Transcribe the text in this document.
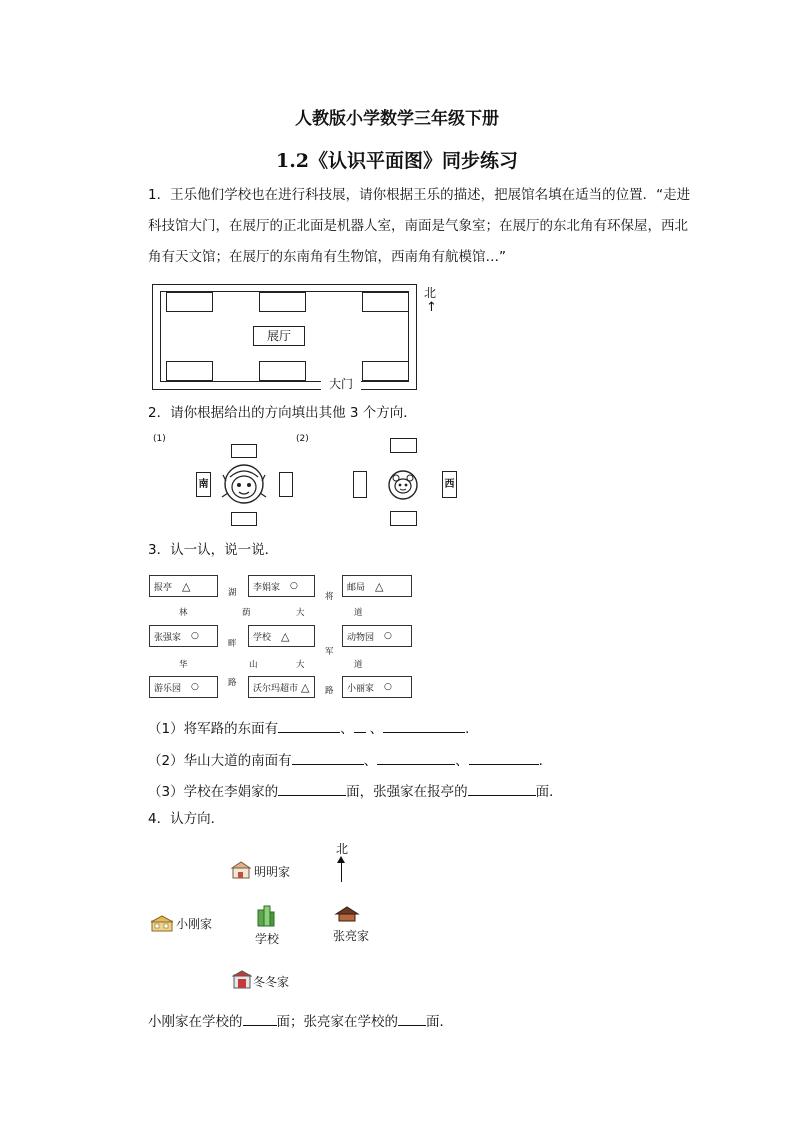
人教版小学数学三年级下册
1.2《认识平面图》同步练习
1．王乐他们学校也在进行科技展，请你根据王乐的描述，把展馆名填在适当的位置．“走进
科技馆大门，在展厅的正北面是机器人室，南面是气象室；在展厅的东北角有环保屋，西北
角有天文馆；在展厅的东南角有生物馆，西南角有航模馆…”
展厅
大门
北
↑
2．请你根据给出的方向填出其他 3 个方向．
(1)	(2)
南	西
3．认一认，说一说．
报亭 △	李娟家 ○	邮局 △
张强家 ○	学校 △	动物园 ○
游乐园 ○	沃尔玛超市 △	小丽家 ○
林	荫	大	道
华	山	大	道
湖
畔
路
将
军
路
（1）将军路的东面有	、 、	．
（2）华山大道的南面有	、	、	．
（3）学校在李娟家的	面，张强家在报亭的	面．
4．认方向．
北
明明家
小刚家
学校	张亮家
冬冬家
小刚家在学校的	面；张亮家在学校的 面．
